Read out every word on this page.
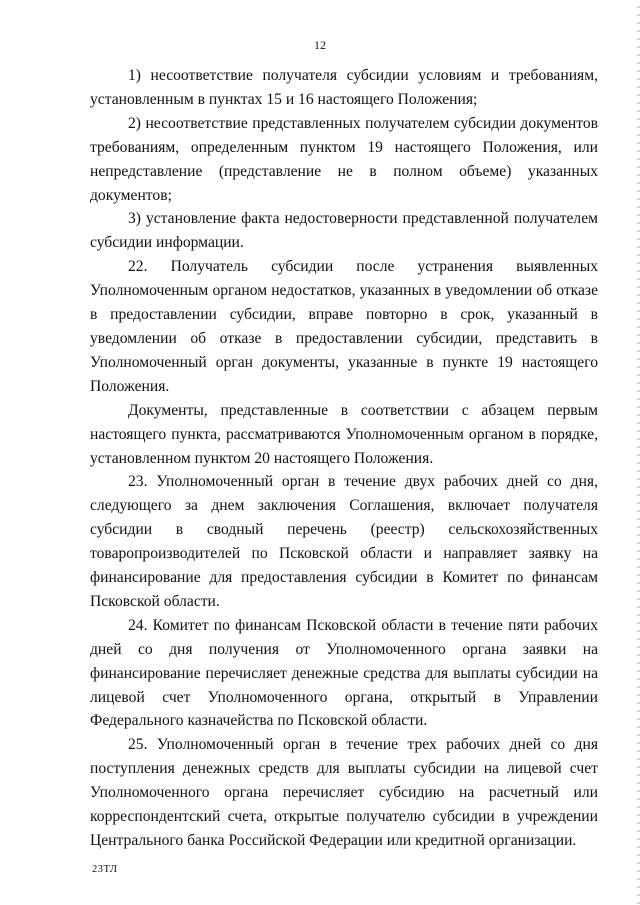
12

1) несоответствие получателя субсидии условиям и требованиям, установленным в пунктах 15 и 16 настоящего Положения;

2) несоответствие представленных получателем субсидии документов требованиям, определенным пунктом 19 настоящего Положения, или непредставление (представление не в полном объеме) указанных документов;

3) установление факта недостоверности представленной получателем субсидии информации.

22. Получатель субсидии после устранения выявленных Уполномоченным органом недостатков, указанных в уведомлении об отказе в предоставлении субсидии, вправе повторно в срок, указанный в уведомлении об отказе в предоставлении субсидии, представить в Уполномоченный орган документы, указанные в пункте 19 настоящего Положения.

Документы, представленные в соответствии с абзацем первым настоящего пункта, рассматриваются Уполномоченным органом в порядке, установленном пунктом 20 настоящего Положения.

23. Уполномоченный орган в течение двух рабочих дней со дня, следующего за днем заключения Соглашения, включает получателя субсидии в сводный перечень (реестр) сельскохозяйственных товаропроизводителей по Псковской области и направляет заявку на финансирование для предоставления субсидии в Комитет по финансам Псковской области.

24. Комитет по финансам Псковской области в течение пяти рабочих дней со дня получения от Уполномоченного органа заявки на финансирование перечисляет денежные средства для выплаты субсидии на лицевой счет Уполномоченного органа, открытый в Управлении Федерального казначейства по Псковской области.

25. Уполномоченный орган в течение трех рабочих дней со дня поступления денежных средств для выплаты субсидии на лицевой счет Уполномоченного органа перечисляет субсидию на расчетный или корреспондентский счета, открытые получателю субсидии в учреждении Центрального банка Российской Федерации или кредитной организации.

23ТЛ
